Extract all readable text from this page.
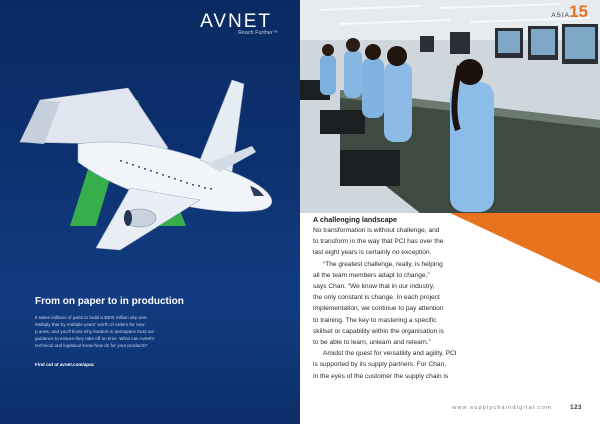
AVNET
Reach Further™
From on paper to in production

It takes millions of parts to build a $300 million airp ane.

Multiply that by multiple years' worth of orders for new

p anes, and you'll know why leaders in aerospace trust our

guidance to ensure they take off on time. What can Avnet's

technical and logistical know-how do for your products?

Find out at avnet.com/apac
ASIA 15

A challenging landscape

No transformation is without challenge, and

to transform in the way that PCI has over the

last eight years is certainly no exception.

“The greatest challenge, really, is helping

all the team members adapt to change,”

says Chan. “We know that in our industry,

the only constant is change. In each project

implementation, we continue to pay attention

to training. The key to mastering a specific

skillset or capability within the organisation is

to be able to learn, unlearn and relearn.”

Amidst the quest for versatility and agility, PCI

is supported by its supply partners. For Chan,

in the eyes of the customer the supply chain is

www.supplychaindigital.com	123
